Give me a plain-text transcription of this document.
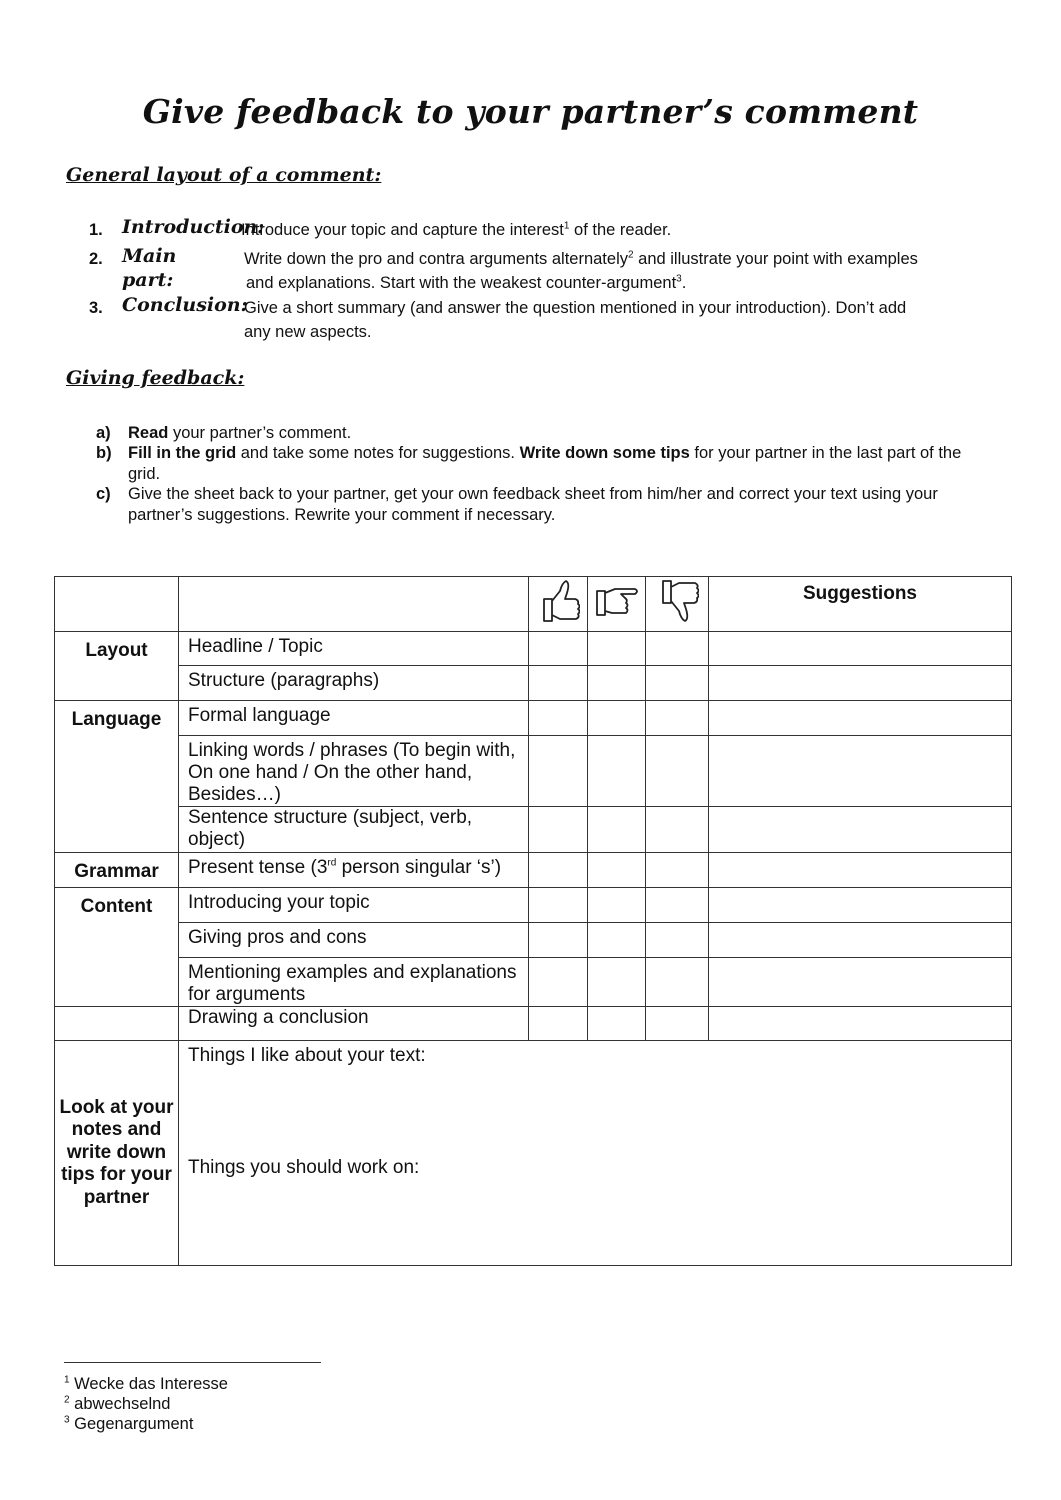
Give feedback to your partner’s comment
General layout of a comment:
1. Introduction:
Introduce your topic and capture the interest$^1$ of the reader.
2. Main part:
Write down the pro and contra arguments alternately$^2$ and illustrate your point with examples
and explanations. Start with the weakest counter-argument$^3$.
3. Conclusion:
Give a short summary (and answer the question mentioned in your introduction). Don’t add
any new aspects.
Giving feedback:
a) Read your partner’s comment.
b) Fill in the grid and take some notes for suggestions. Write down some tips for your partner in the last part of the grid.
c) Give the sheet back to your partner, get your own feedback sheet from him/her and correct your text using your partner’s suggestions. Rewrite your comment if necessary.
					Suggestions
Layout	Headline / Topic				
	Structure (paragraphs)				
Language	Formal language				
	Linking words / phrases (To begin with, On one hand / On the other hand, Besides…)				
	Sentence structure (subject, verb, object)				
Grammar	Present tense (3rd person singular ‘s’)				
Content	Introducing your topic				
	Giving pros and cons				
	Mentioning examples and explanations for arguments				
	Drawing a conclusion				
Look at your notes and write down tips for your partner	Things I like about your text:
Things you should work on:				
$^1$ Wecke das Interesse
$^2$ abwechselnd
$^3$ Gegenargument
